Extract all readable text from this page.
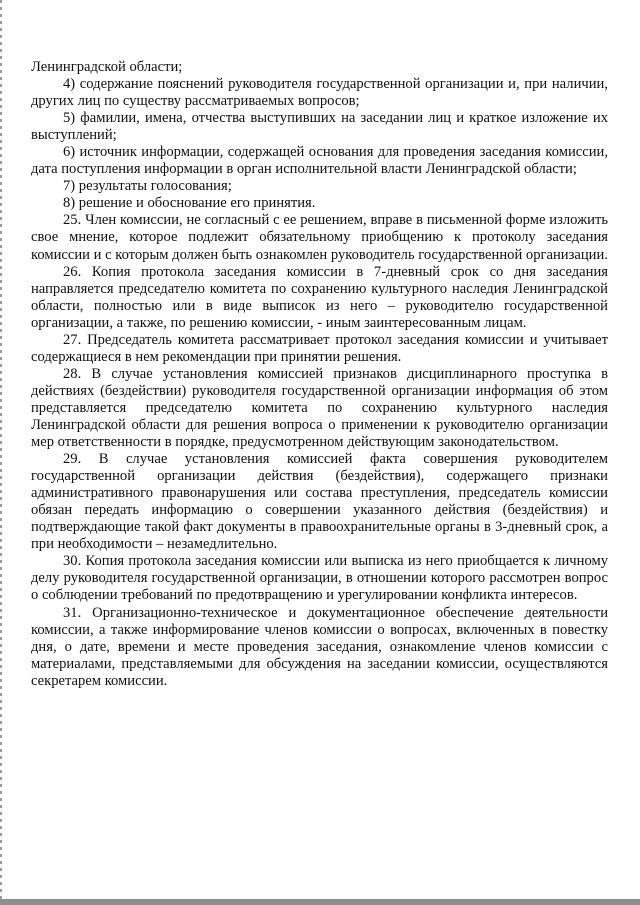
Ленинградской области;

4) содержание пояснений руководителя государственной организации и, при наличии, других лиц по существу рассматриваемых вопросов;

5) фамилии, имена, отчества выступивших на заседании лиц и краткое изложение их выступлений;

6) источник информации, содержащей основания для проведения заседания комиссии, дата поступления информации в орган исполнительной власти Ленинградской области;

7) результаты голосования;

8) решение и обоснование его принятия.

25. Член комиссии, не согласный с ее решением, вправе в письменной форме изложить свое мнение, которое подлежит обязательному приобщению к протоколу заседания комиссии и с которым должен быть ознакомлен руководитель государственной организации.

26. Копия протокола заседания комиссии в 7-дневный срок со дня заседания направляется председателю комитета по сохранению культурного наследия Ленинградской области, полностью или в виде выписок из него – руководителю государственной организации, а также, по решению комиссии, - иным заинтересованным лицам.

27. Председатель комитета рассматривает протокол заседания комиссии и учитывает содержащиеся в нем рекомендации при принятии решения.

28. В случае установления комиссией признаков дисциплинарного проступка в действиях (бездействии) руководителя государственной организации информация об этом представляется председателю комитета по сохранению культурного наследия Ленинградской области для решения вопроса о применении к руководителю организации мер ответственности в порядке, предусмотренном действующим законодательством.

29. В случае установления комиссией факта совершения руководителем государственной организации действия (бездействия), содержащего признаки административного правонарушения или состава преступления, председатель комиссии обязан передать информацию о совершении указанного действия (бездействия) и подтверждающие такой факт документы в правоохранительные органы в 3-дневный срок, а при необходимости – незамедлительно.

30. Копия протокола заседания комиссии или выписка из него приобщается к личному делу руководителя государственной организации, в отношении которого рассмотрен вопрос о соблюдении требований по предотвращению и урегулировании конфликта интересов.

31. Организационно-техническое и документационное обеспечение деятельности комиссии, а также информирование членов комиссии о вопросах, включенных в повестку дня, о дате, времени и месте проведения заседания, ознакомление членов комиссии с материалами, представляемыми для обсуждения на заседании комиссии, осуществляются секретарем комиссии.
